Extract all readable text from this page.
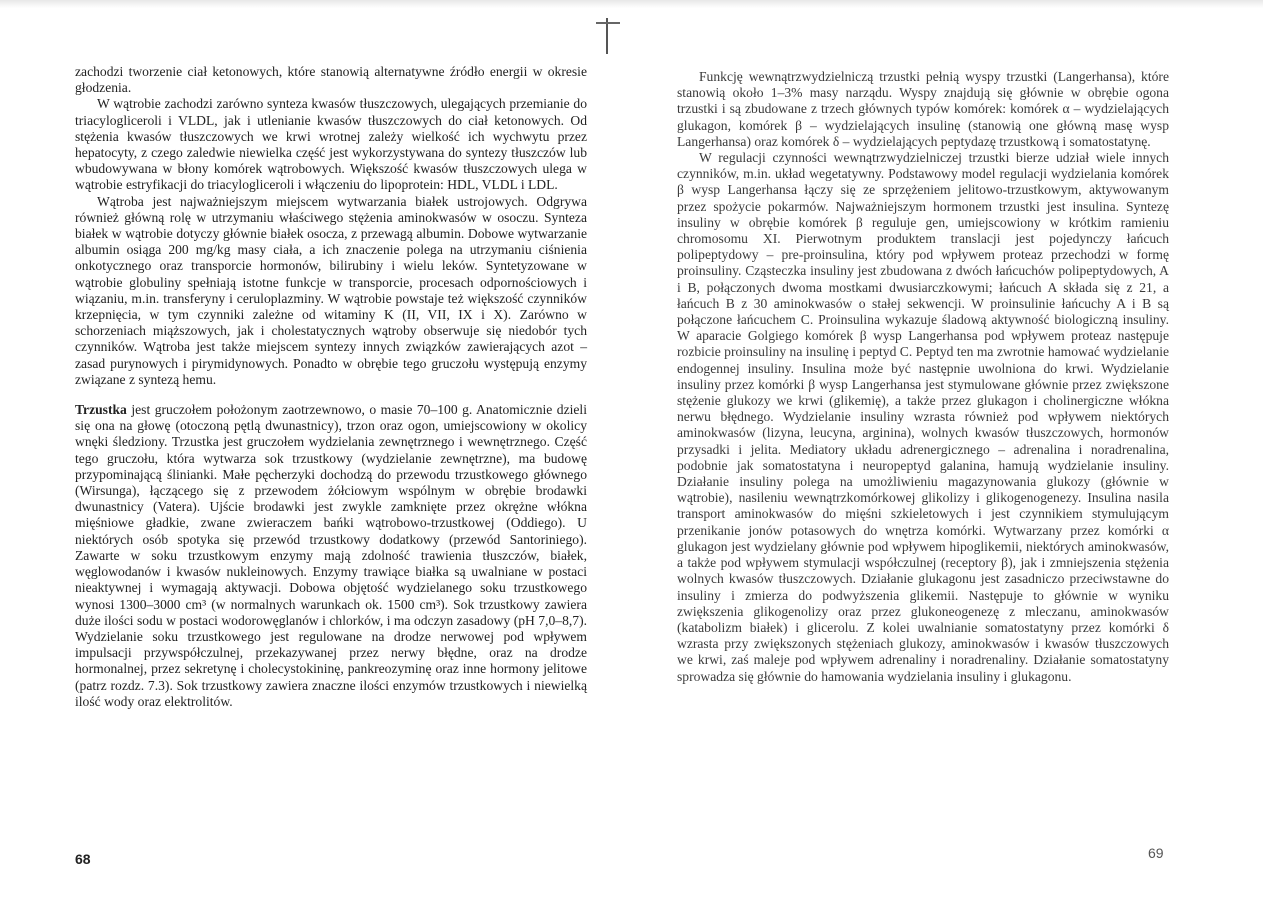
zachodzi tworzenie ciał ketonowych, które stanowią alternatywne źródło energii w okresie głodzenia.

W wątrobie zachodzi zarówno synteza kwasów tłuszczowych, ulegających przemianie do triacylogliceroli i VLDL, jak i utlenianie kwasów tłuszczowych do ciał ketonowych. Od stężenia kwasów tłuszczowych we krwi wrotnej zależy wielkość ich wychwytu przez hepatocyty, z czego zaledwie niewielka część jest wykorzystywana do syntezy tłuszczów lub wbudowywana w błony komórek wątrobowych. Większość kwasów tłuszczowych ulega w wątrobie estryfikacji do triacylogliceroli i włączeniu do lipoprotein: HDL, VLDL i LDL.

Wątroba jest najważniejszym miejscem wytwarzania białek ustrojowych. Odgrywa również główną rolę w utrzymaniu właściwego stężenia aminokwasów w osoczu. Synteza białek w wątrobie dotyczy głównie białek osocza, z przewagą albumin. Dobowe wytwarzanie albumin osiąga 200 mg/kg masy ciała, a ich znaczenie polega na utrzymaniu ciśnienia onkotycznego oraz transporcie hormonów, bilirubiny i wielu leków. Syntetyzowane w wątrobie globuliny spełniają istotne funkcje w transporcie, procesach odpornościowych i wiązaniu, m.in. transferyny i ceruloplazminy. W wątrobie powstaje też większość czynników krzepnięcia, w tym czynniki zależne od witaminy K (II, VII, IX i X). Zarówno w schorzeniach miąższowych, jak i cholestatycznych wątroby obserwuje się niedobór tych czynników. Wątroba jest także miejscem syntezy innych związków zawierających azot – zasad purynowych i pirymidynowych. Ponadto w obrębie tego gruczołu występują enzymy związane z syntezą hemu.

Trzustka jest gruczołem położonym zaotrzewnowo, o masie 70–100 g. Anatomicznie dzieli się ona na głowę (otoczoną pętlą dwunastnicy), trzon oraz ogon, umiejscowiony w okolicy wnęki śledziony. Trzustka jest gruczołem wydzielania zewnętrznego i wewnętrznego. Część tego gruczołu, która wytwarza sok trzustkowy (wydzielanie zewnętrzne), ma budowę przypominającą ślinianki. Małe pęcherzyki dochodzą do przewodu trzustkowego głównego (Wirsunga), łączącego się z przewodem żółciowym wspólnym w obrębie brodawki dwunastnicy (Vatera). Ujście brodawki jest zwykle zamknięte przez okrężne włókna mięśniowe gładkie, zwane zwieraczem bańki wątrobowo-trzustkowej (Oddiego). U niektórych osób spotyka się przewód trzustkowy dodatkowy (przewód Santoriniego). Zawarte w soku trzustkowym enzymy mają zdolność trawienia tłuszczów, białek, węglowodanów i kwasów nukleinowych. Enzymy trawiące białka są uwalniane w postaci nieaktywnej i wymagają aktywacji. Dobowa objętość wydzielanego soku trzustkowego wynosi 1300–3000 cm³ (w normalnych warunkach ok. 1500 cm³). Sok trzustkowy zawiera duże ilości sodu w postaci wodorowęglanów i chlorków, i ma odczyn zasadowy (pH 7,0–8,7). Wydzielanie soku trzustkowego jest regulowane na drodze nerwowej pod wpływem impulsacji przywspółczulnej, przekazywanej przez nerwy błędne, oraz na drodze hormonalnej, przez sekretynę i cholecystokininę, pankreozyminę oraz inne hormony jelitowe (patrz rozdz. 7.3). Sok trzustkowy zawiera znaczne ilości enzymów trzustkowych i niewielką ilość wody oraz elektrolitów.

68

Funkcję wewnątrzwydzielniczą trzustki pełnią wyspy trzustki (Langerhansa), które stanowią około 1–3% masy narządu. Wyspy znajdują się głównie w obrębie ogona trzustki i są zbudowane z trzech głównych typów komórek: komórek α – wydzielających glukagon, komórek β – wydzielających insulinę (stanowią one główną masę wysp Langerhansa) oraz komórek δ – wydzielających peptydazę trzustkową i somatostatynę.

W regulacji czynności wewnątrzwydzielniczej trzustki bierze udział wiele innych czynników, m.in. układ wegetatywny. Podstawowy model regulacji wydzielania komórek β wysp Langerhansa łączy się ze sprzężeniem jelitowo-trzustkowym, aktywowanym przez spożycie pokarmów. Najważniejszym hormonem trzustki jest insulina. Syntezę insuliny w obrębie komórek β reguluje gen, umiejscowiony w krótkim ramieniu chromosomu XI. Pierwotnym produktem translacji jest pojedynczy łańcuch polipeptydowy – pre-proinsulina, który pod wpływem proteaz przechodzi w formę proinsuliny. Cząsteczka insuliny jest zbudowana z dwóch łańcuchów polipeptydowych, A i B, połączonych dwoma mostkami dwusiarczkowymi; łańcuch A składa się z 21, a łańcuch B z 30 aminokwasów o stałej sekwencji. W proinsulinie łańcuchy A i B są połączone łańcuchem C. Proinsulina wykazuje śladową aktywność biologiczną insuliny. W aparacie Golgiego komórek β wysp Langerhansa pod wpływem proteaz następuje rozbicie proinsuliny na insulinę i peptyd C. Peptyd ten ma zwrotnie hamować wydzielanie endogennej insuliny. Insulina może być następnie uwolniona do krwi. Wydzielanie insuliny przez komórki β wysp Langerhansa jest stymulowane głównie przez zwiększone stężenie glukozy we krwi (glikemię), a także przez glukagon i cholinergiczne włókna nerwu błędnego. Wydzielanie insuliny wzrasta również pod wpływem niektórych aminokwasów (lizyna, leucyna, arginina), wolnych kwasów tłuszczowych, hormonów przysadki i jelita. Mediatory układu adrenergicznego – adrenalina i noradrenalina, podobnie jak somatostatyna i neuropeptyd galanina, hamują wydzielanie insuliny. Działanie insuliny polega na umożliwieniu magazynowania glukozy (głównie w wątrobie), nasileniu wewnątrzkomórkowej glikolizy i glikogenogenezy. Insulina nasila transport aminokwasów do mięśni szkieletowych i jest czynnikiem stymulującym przenikanie jonów potasowych do wnętrza komórki. Wytwarzany przez komórki α glukagon jest wydzielany głównie pod wpływem hipoglikemii, niektórych aminokwasów, a także pod wpływem stymulacji współczulnej (receptory β), jak i zmniejszenia stężenia wolnych kwasów tłuszczowych. Działanie glukagonu jest zasadniczo przeciwstawne do insuliny i zmierza do podwyższenia glikemii. Następuje to głównie w wyniku zwiększenia glikogenolizy oraz przez glukoneogenezę z mleczanu, aminokwasów (katabolizm białek) i glicerolu. Z kolei uwalnianie somatostatyny przez komórki δ wzrasta przy zwiększonych stężeniach glukozy, aminokwasów i kwasów tłuszczowych we krwi, zaś maleje pod wpływem adrenaliny i noradrenaliny. Działanie somatostatyny sprowadza się głównie do hamowania wydzielania insuliny i glukagonu.

69
